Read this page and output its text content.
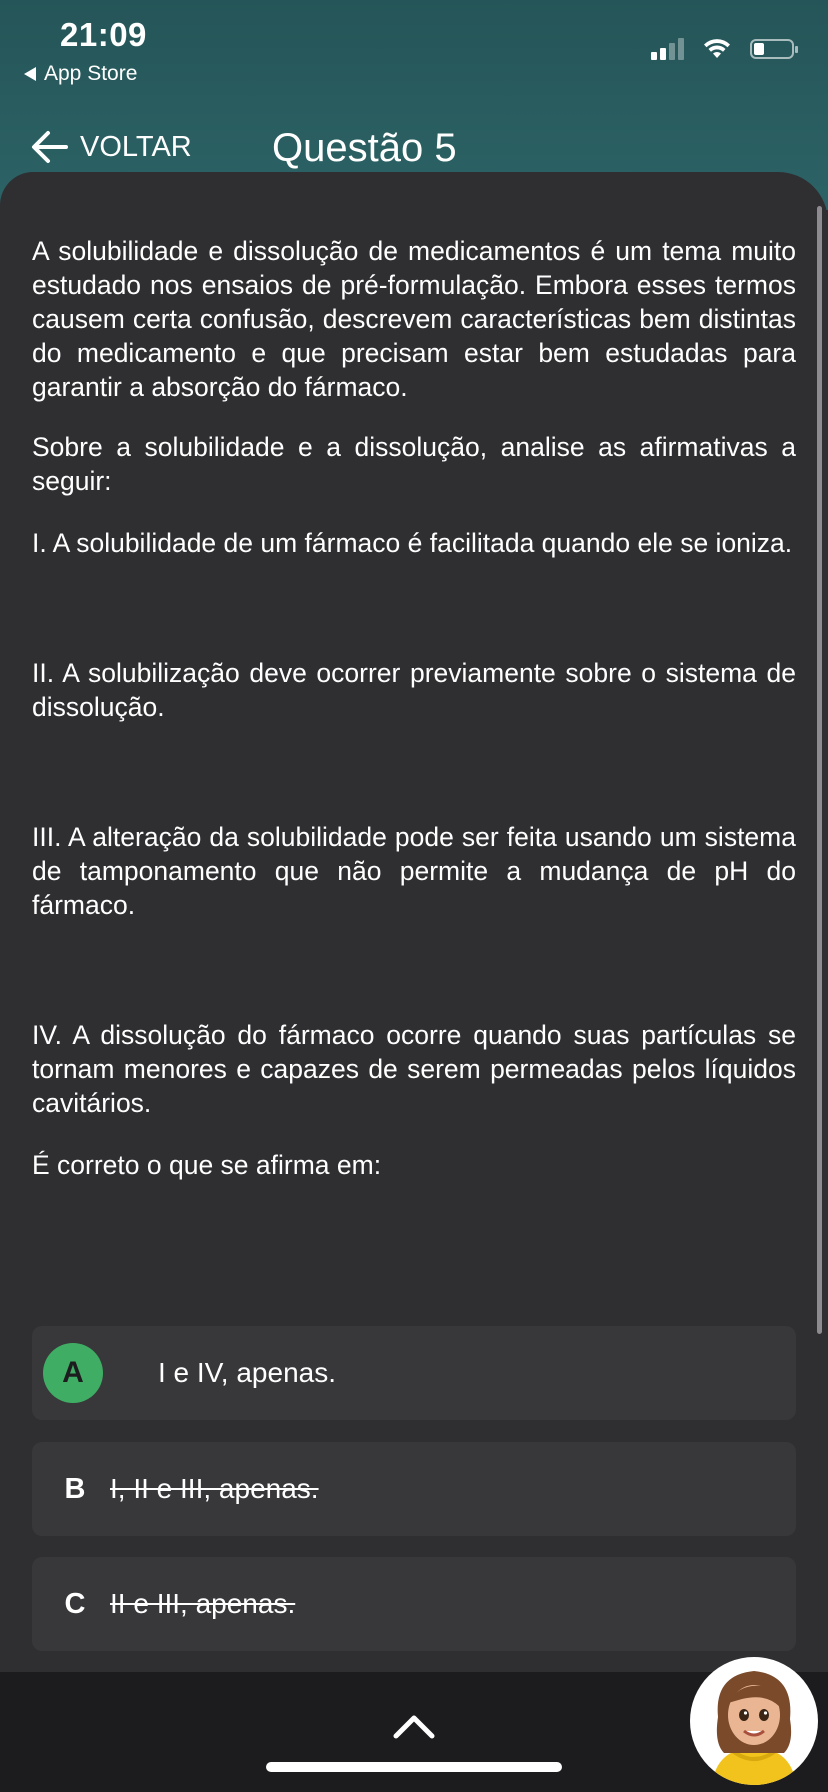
21:09
App Store
VOLTAR Questão 5

A solubilidade e dissolução de medicamentos é um tema muito estudado nos ensaios de pré-formulação. Embora esses termos causem certa confusão, descrevem características bem distintas do medicamento e que precisam estar bem estudadas para garantir a absorção do fármaco.

Sobre a solubilidade e a dissolução, analise as afirmativas a seguir:

I. A solubilidade de um fármaco é facilitada quando ele se ioniza.

II. A solubilização deve ocorrer previamente sobre o sistema de dissolução.

III. A alteração da solubilidade pode ser feita usando um sistema de tamponamento que não permite a mudança de pH do fármaco.

IV. A dissolução do fármaco ocorre quando suas partículas se tornam menores e capazes de serem permeadas pelos líquidos cavitários.

É correto o que se afirma em:

A	I e IV, apenas.
B I, II e III, apenas.
C II e III, apenas.
